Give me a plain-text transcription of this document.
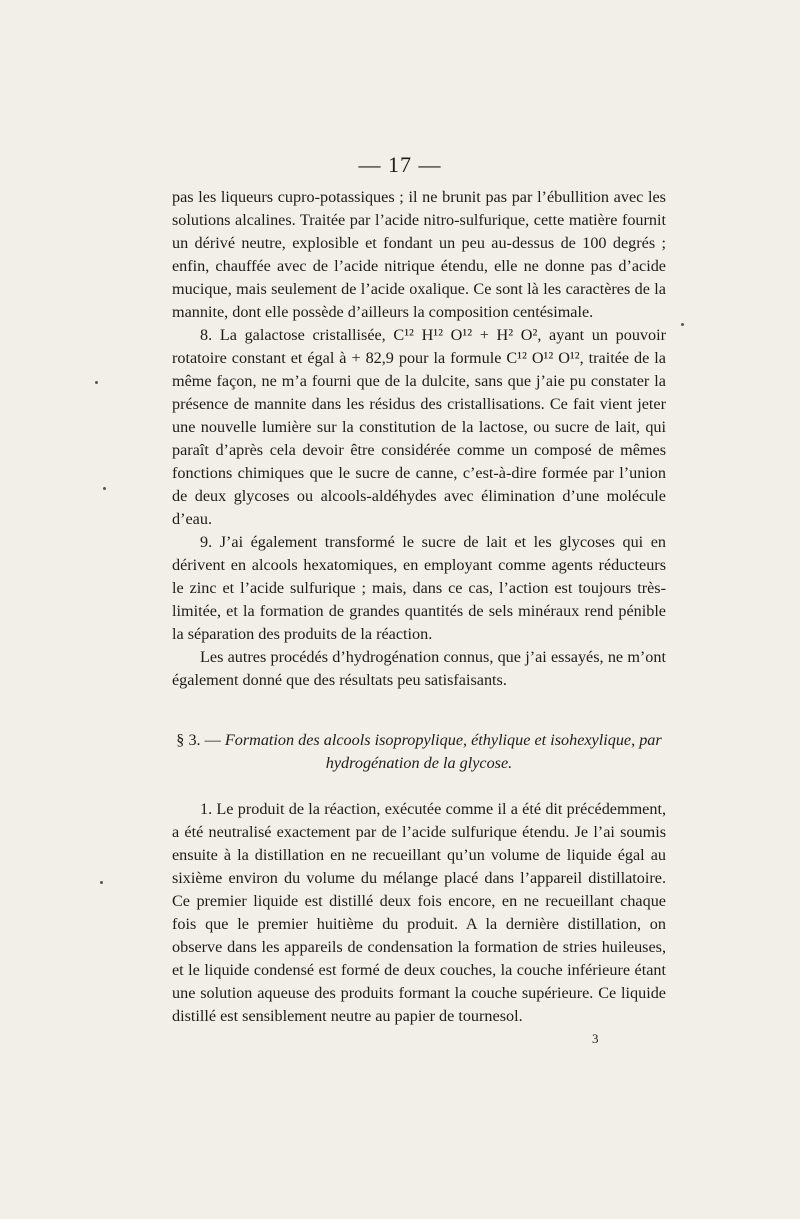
— 17 —

pas les liqueurs cupro-potassiques ; il ne brunit pas par l’ébullition avec les solutions alcalines. Traitée par l’acide nitro-sulfurique, cette matière fournit un dérivé neutre, explosible et fondant un peu au-dessus de 100 degrés ; enfin, chauffée avec de l’acide nitrique étendu, elle ne donne pas d’acide mucique, mais seulement de l’acide oxalique. Ce sont là les caractères de la mannite, dont elle possède d’ailleurs la composition centésimale.

8. La galactose cristallisée, C¹² H¹² O¹² + H² O², ayant un pouvoir rotatoire constant et égal à + 82,9 pour la formule C¹² O¹² O¹², traitée de la même façon, ne m’a fourni que de la dulcite, sans que j’aie pu constater la présence de mannite dans les résidus des cristallisations. Ce fait vient jeter une nouvelle lumière sur la constitution de la lactose, ou sucre de lait, qui paraît d’après cela devoir être considérée comme un composé de mêmes fonctions chimiques que le sucre de canne, c’est-à-dire formée par l’union de deux glycoses ou alcools-aldéhydes avec élimination d’une molécule d’eau.

9. J’ai également transformé le sucre de lait et les glycoses qui en dérivent en alcools hexatomiques, en employant comme agents réducteurs le zinc et l’acide sulfurique ; mais, dans ce cas, l’action est toujours très-limitée, et la formation de grandes quantités de sels minéraux rend pénible la séparation des produits de la réaction.

Les autres procédés d’hydrogénation connus, que j’ai essayés, ne m’ont également donné que des résultats peu satisfaisants.

§ 3. — Formation des alcools isopropylique, éthylique et isohexylique, par hydrogénation de la glycose.

1. Le produit de la réaction, exécutée comme il a été dit précédemment, a été neutralisé exactement par de l’acide sulfurique étendu. Je l’ai soumis ensuite à la distillation en ne recueillant qu’un volume de liquide égal au sixième environ du volume du mélange placé dans l’appareil distillatoire. Ce premier liquide est distillé deux fois encore, en ne recueillant chaque fois que le premier huitième du produit. A la dernière distillation, on observe dans les appareils de condensation la formation de stries huileuses, et le liquide condensé est formé de deux couches, la couche inférieure étant une solution aqueuse des produits formant la couche supérieure. Ce liquide distillé est sensiblement neutre au papier de tournesol.

3
